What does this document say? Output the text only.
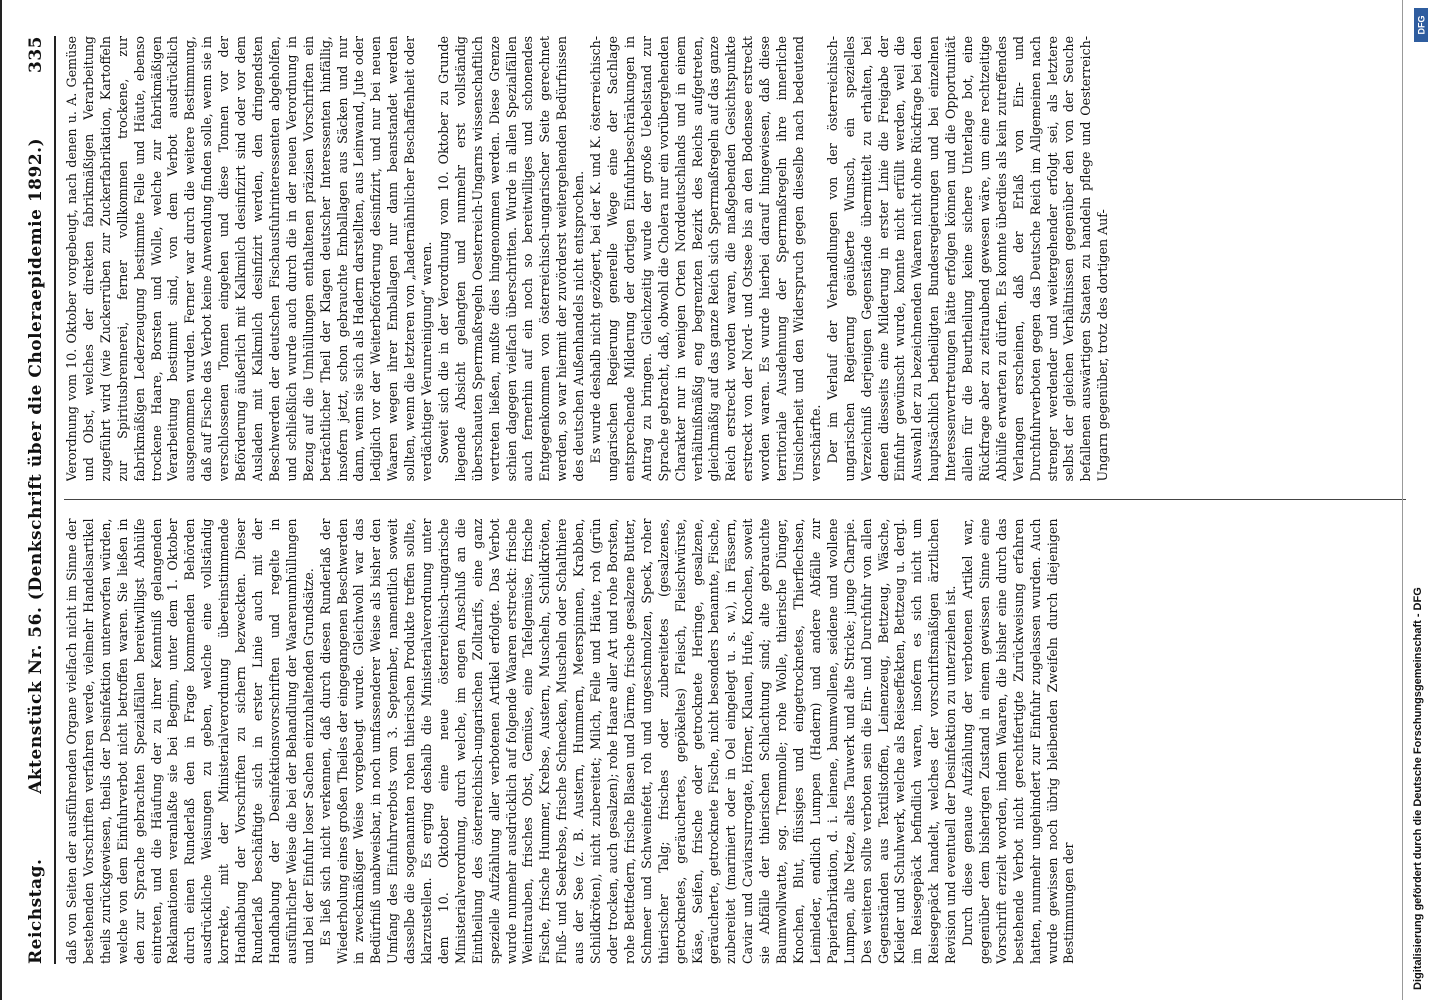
Reichstag.
Aktenstück Nr. 56. (Denkschrift über die Choleraepidemie 1892.)
335

daß von Seiten der ausführenden Organe vielfach nicht im Sinne der bestehenden Vorschriften verfahren werde, vielmehr Handelsartikel theils zurückgewiesen, theils der Desinfektion unterworfen würden, welche von dem Einfuhrverbot nicht betroffen waren. Sie ließen in den zur Sprache gebrachten Spezialfällen bereitwilligst Abhülfe eintreten, und die Häufung der zu ihrer Kenntniß gelangenden Reklamationen veranlaßte sie bei Beginn, unter dem 1. Oktober durch einen Runderlaß den in Frage kommenden Behörden ausdrückliche Weisungen zu geben, welche eine vollständig korrekte, mit der Ministerialverordnung übereinstimmende Handhabung der Vorschriften zu sichern bezweckten. Dieser Runderlaß beschäftigte sich in erster Linie auch mit der Handhabung der Desinfektionsvorschriften und regelte in ausführlicher Weise die bei der Behandlung der Waarenumhüllungen und bei der Einfuhr loser Sachen einzuhaltenden Grundsätze. Es ließ sich nicht verkennen, daß durch diesen Runderlaß der Wiederholung eines großen Theiles der eingegangenen Beschwerden in zweckmäßiger Weise vorgebeugt wurde. Gleichwohl war das Bedürfniß unabweisbar, in noch umfassenderer Weise als bisher den Umfang des Einfuhrverbots vom 3. September, namentlich soweit dasselbe die sogenannten rohen thierischen Produkte treffen sollte, klarzustellen. Es erging deshalb die Ministerialverordnung unter dem 10. Oktober eine neue österreichisch-ungarische Ministerialverordnung, durch welche, im engen Anschluß an die Eintheilung des österreichisch-ungarischen Zolltarifs, eine ganz spezielle Aufzählung aller verbotenen Artikel erfolgte. Das Verbot wurde nunmehr ausdrücklich auf folgende Waaren erstreckt: frische Weintrauben, frisches Obst, Gemüse, eine Tafelgemüse, frische Fische, frische Hummer, Krebse, Austern, Muscheln, Schildkröten, Fluß- und Seekrebse, frische Schnecken, Muscheln oder Schalthiere aus der See (z. B. Austern, Hummern, Meerspinnen, Krabben, Schildkröten), nicht zubereitet; Milch, Felle und Häute, roh (grün oder trocken, auch gesalzen); rohe Haare aller Art und rohe Borsten, rohe Bettfedern, frische Blasen und Därme, frische gesalzene Butter, Schmeer und Schweinefett, roh und ungeschmolzen, Speck, roher thierischer Talg; frisches oder zubereitetes (gesalzenes, getrocknetes, geräuchertes, gepökeltes) Fleisch, Fleischwürste, Käse, Seifen, frische oder getrocknete Heringe, gesalzene, geräucherte, getrocknete Fische, nicht besonders benannte, Fische, zubereitet (mariniert oder in Oel eingelegt u. s. w.), in Fässern, Caviar und Caviarsurrogate, Hörner, Klauen, Hufe, Knochen, soweit sie Abfälle der thierischen Schlachtung sind; alte gebrauchte Baumwollwatte, sog. Tremmolle; rohe Wolle, thierische Dünger, Knochen, Blut, flüssiges und eingetrocknetes, Thierflechsen, Leimleder, endlich Lumpen (Hadern) und andere Abfälle zur Papierfabrikation, d. i. leinene, baumwollene, seidene und wollene Lumpen, alte Netze, altes Tauwerk und alte Stricke; junge Charpie. Des weiteren sollte verboten sein die Ein- und Durchfuhr von allen Gegenständen aus Textilstoffen, Leinenzeug, Bettzeug, Wäsche, Kleider und Schuhwerk, welche als Reiseeffekten, Bettzeug u. dergl. im Reisegepäck befindlich waren, insofern es sich nicht um Reisegepäck handelt, welches der vorschriftsmäßigen ärztlichen Revision und eventuell der Desinfektion zu unterziehen ist. Durch diese genaue Aufzählung der verbotenen Artikel war, gegenüber dem bisherigen Zustand in einem gewissen Sinne eine Vorschrift erzielt worden, indem Waaren, die bisher eine durch das bestehende Verbot nicht gerechtfertigte Zurückweisung erfahren hatten, nunmehr ungehindert zur Einfuhr zugelassen wurden. Auch wurde gewissen noch übrig bleibenden Zweifeln durch diejenigen Bestimmungen der

Verordnung vom 10. Oktober vorgebeugt, nach denen u. A. Gemüse und Obst, welches der direkten fabrikmäßigen Verarbeitung zugeführt wird (wie Zuckerrüben zur Zuckerfabrikation, Kartoffeln zur Spiritusbrennerei, ferner vollkommen trockene, zur fabrikmäßigen Lederzeugung bestimmte Felle und Häute, ebenso trockene Haare, Borsten und Wolle, welche zur fabrikmäßigen Verarbeitung bestimmt sind, von dem Verbot ausdrücklich ausgenommen wurden. Ferner war durch die weitere Bestimmung, daß auf Fische das Verbot keine Anwendung finden solle, wenn sie in verschlossenen Tonnen eingehen und diese Tonnen vor der Beförderung äußerlich mit Kalkmilch desinfizirt sind oder vor dem Ausladen mit Kalkmilch desinfizirt werden, den dringendsten Beschwerden der deutschen Fischausfuhrinteressenten abgeholfen, und schließlich wurde auch durch die in der neuen Verordnung in Bezug auf die Umhüllungen enthaltenen präzisen Vorschriften ein beträchtlicher Theil der Klagen deutscher Interessenten hinfällig, insofern jetzt, schon gebrauchte Emballagen aus Säcken und nur dann, wenn sie sich als Hadern darstellten, aus Leinwand, Jute oder lediglich vor der Weiterbeförderung desinfizirt, und nur bei neuen Waaren wegen ihrer Emballagen nur dann beanstandet werden sollten, wenn die letzteren von „hadernähnlicher Beschaffenheit oder verdächtiger Verunreinigung“ waren. Soweit sich die in der Verordnung vom 10. Oktober zu Grunde liegende Absicht gelangten und nunmehr erst vollständig überschauten Sperrmaßregeln Oesterreich-Ungarns wissenschaftlich vertreten ließen, mußte dies hingenommen werden. Diese Grenze schien dagegen vielfach überschritten. Wurde in allen Spezialfällen auch fernerhin auf ein noch so bereitwilliges und schonendes Entgegenkommen von österreichisch-ungarischer Seite gerechnet werden, so war hiermit der zuvörderst weitergehenden Bedürfnissen des deutschen Außenhandels nicht entsprochen. Es wurde deshalb nicht gezögert, bei der K. und K. österreichisch-ungarischen Regierung generelle Wege eine der Sachlage entsprechende Milderung der dortigen Einfuhrbeschränkungen in Antrag zu bringen. Gleichzeitig wurde der große Uebelstand zur Sprache gebracht, daß, obwohl die Cholera nur ein vorübergehenden Charakter nur in wenigen Orten Norddeutschlands und in einem verhältnißmäßig eng begrenzten Bezirk des Reichs aufgetreten, gleichmäßig auf das ganze Reich sich Sperrmaßregeln auf das ganze Reich erstreckt worden waren, die maßgebenden Gesichtspunkte erstreckt von der Nord- und Ostsee bis an den Bodensee erstreckt worden waren. Es wurde hierbei darauf hingewiesen, daß diese territoriale Ausdehnung der Sperrmaßregeln ihre innerliche Unsicherheit und den Widerspruch gegen dieselbe nach bedeutend verschärfte. Der im Verlauf der Verhandlungen von der österreichisch-ungarischen Regierung geäußerte Wunsch, ein spezielles Verzeichniß derjenigen Gegenstände übermittelt zu erhalten, bei denen diesseits eine Milderung in erster Linie die Freigabe der Einfuhr gewünscht wurde, konnte nicht erfüllt werden, weil die Auswahl der zu bezeichnenden Waaren nicht ohne Rückfrage bei den hauptsächlich betheiligten Bundesregierungen und bei einzelnen Interessenvertretungen hätte erfolgen können und die Opportunität allein für die Beurtheilung keine sichere Unterlage bot, eine Rückfrage aber zu zeitraubend gewesen wäre, um eine rechtzeitige Abhülfe erwarten zu dürfen. Es konnte überdies als kein zutreffendes Verlangen erscheinen, daß der Erlaß von Ein- und Durchfuhrverboten gegen das Deutsche Reich im Allgemeinen nach strenger werdender und weitergehender erfolgt sei, als letztere selbst der gleichen Verhältnissen gegenüber den von der Seuche befallenen auswärtigen Staaten zu handeln pflege und Oesterreich-Ungarn gegenüber, trotz des dortigen Auf-

DFG
Digitalisierung gefördert durch die Deutsche Forschungsgemeinschaft - DFG
